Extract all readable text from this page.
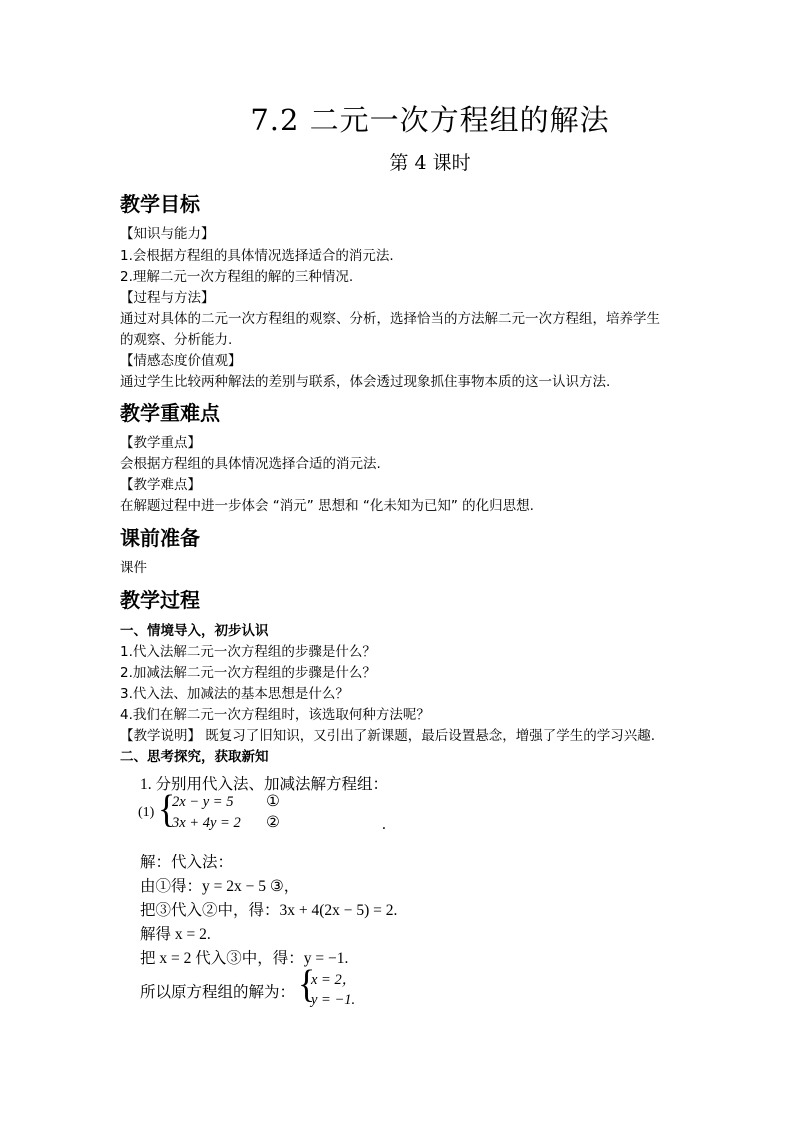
7.2 二元一次方程组的解法
第 4 课时
教学目标
【知识与能力】
1.会根据方程组的具体情况选择适合的消元法.
2.理解二元一次方程组的解的三种情况.
【过程与方法】
通过对具体的二元一次方程组的观察、分析，选择恰当的方法解二元一次方程组，培养学生
的观察、分析能力.
【情感态度价值观】
通过学生比较两种解法的差别与联系，体会透过现象抓住事物本质的这一认识方法.
教学重难点
【教学重点】
会根据方程组的具体情况选择合适的消元法.
【教学难点】
在解题过程中进一步体会 “消元” 思想和 “化未知为已知” 的化归思想.
课前准备
课件
教学过程
一、情境导入，初步认识
1.代入法解二元一次方程组的步骤是什么？
2.加减法解二元一次方程组的步骤是什么？
3.代入法、加减法的基本思想是什么？
4.我们在解二元一次方程组时，该选取何种方法呢？
【教学说明】 既复习了旧知识，又引出了新课题，最后设置悬念，增强了学生的学习兴趣.
二、思考探究，获取新知
1. 分别用代入法、加减法解方程组：
(1) {
2x − y = 5 ①
3x + 4y = 2 ②	.
解：代入法：
由①得：y = 2x − 5 ③，
把③代入②中，得：3x + 4(2x − 5) = 2.
解得 x = 2.
把 x = 2 代入③中，得：y = −1.
所以原方程组的解为： {
x = 2，
y = −1.
